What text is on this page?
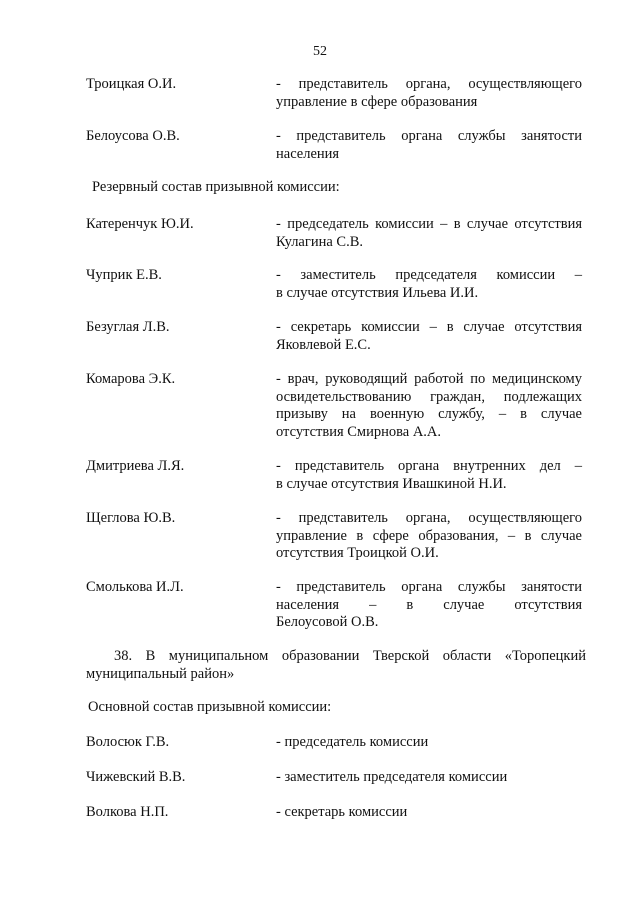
52
Троицкая О.И.	- представитель органа, осуществляющего
управление в сфере образования
Белоусова О.В.	- представитель органа службы занятости
населения
Резервный состав призывной комиссии:
Катеренчук Ю.И.	- председатель комиссии – в случае отсутствия
Кулагина С.В.
Чуприк Е.В.	- заместитель председателя комиссии –
в случае отсутствия Ильева И.И.
Безуглая Л.В.	- секретарь комиссии – в случае отсутствия
Яковлевой Е.С.
Комарова Э.К.	- врач, руководящий работой по медицинскому
освидетельствованию граждан, подлежащих
призыву на военную службу, – в случае
отсутствия Смирнова А.А.
Дмитриева Л.Я.	- представитель органа внутренних дел –
в случае отсутствия Ивашкиной Н.И.
Щеглова Ю.В.	- представитель органа, осуществляющего
управление в сфере образования, – в случае
отсутствия Троицкой О.И.
Смолькова И.Л.	- представитель органа службы занятости
населения – в случае отсутствия
Белоусовой О.В.
38. В муниципальном образовании Тверской области «Торопецкий
муниципальный район»
Основной состав призывной комиссии:
Волосюк Г.В.	- председатель комиссии
Чижевский В.В.	- заместитель председателя комиссии
Волкова Н.П.	- секретарь комиссии
